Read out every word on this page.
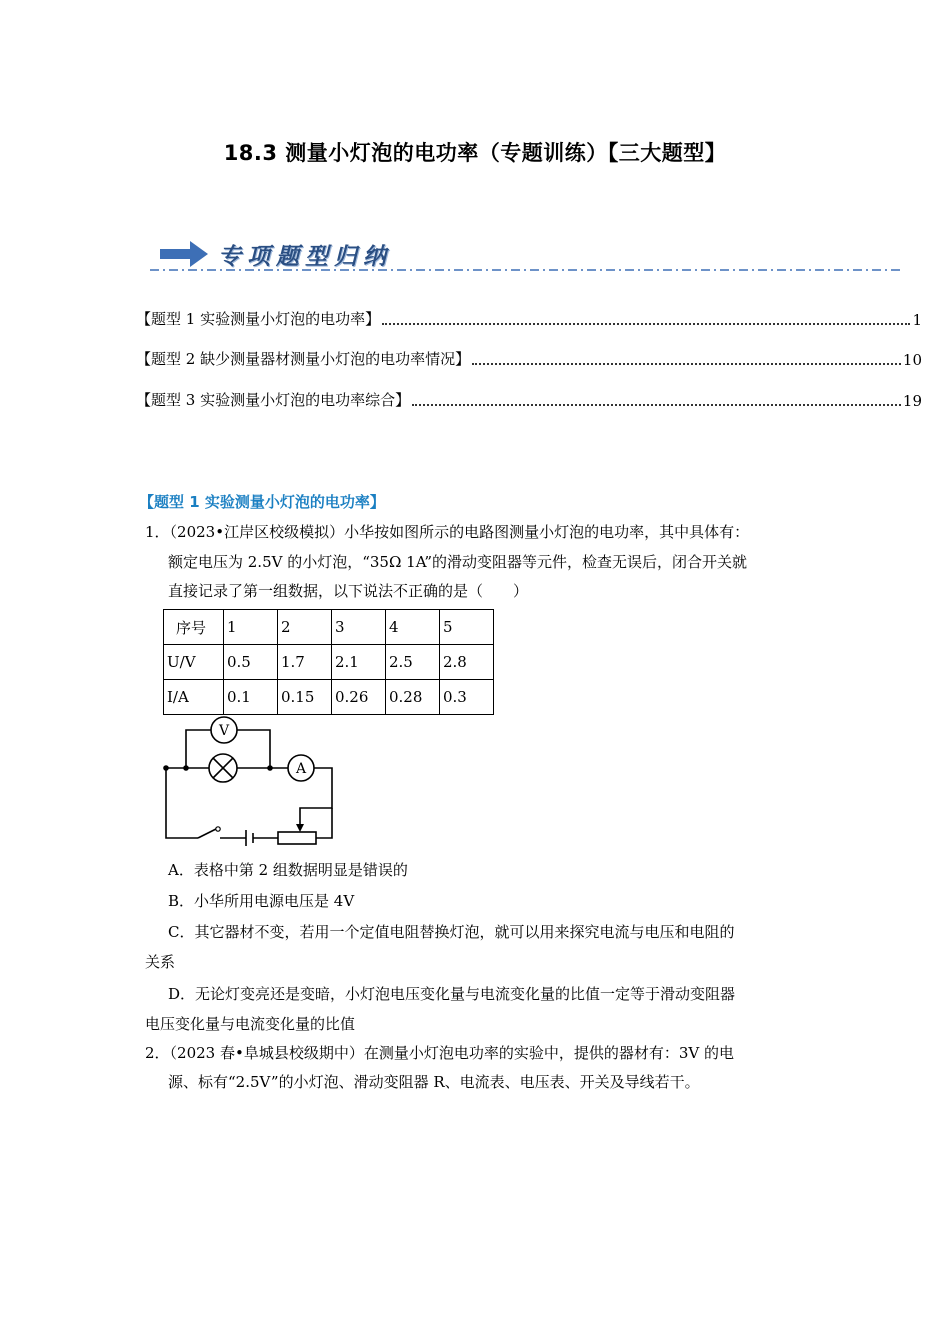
18.3 测量小灯泡的电功率（专题训练）【三大题型】
专项题型归纳
【题型 1 实验测量小灯泡的电功率】	1
【题型 2 缺少测量器材测量小灯泡的电功率情况】	10
【题型 3 实验测量小灯泡的电功率综合】	19
【题型 1 实验测量小灯泡的电功率】
1．（2023•江岸区校级模拟）小华按如图所示的电路图测量小灯泡的电功率，其中具体有：
额定电压为 2.5V 的小灯泡，“35Ω 1A”的滑动变阻器等元件，检查无误后，闭合开关就
直接记录了第一组数据，以下说法不正确的是（　　）
序号	1	2	3	4	5
U/V	0.5	1.7	2.1	2.5	2.8
I/A	0.1	0.15	0.26	0.28	0.3
V
A
A．表格中第 2 组数据明显是错误的
B．小华所用电源电压是 4V
C．其它器材不变，若用一个定值电阻替换灯泡，就可以用来探究电流与电压和电阻的
关系
D．无论灯变亮还是变暗，小灯泡电压变化量与电流变化量的比值一定等于滑动变阻器
电压变化量与电流变化量的比值
2．（2023 春•阜城县校级期中）在测量小灯泡电功率的实验中，提供的器材有：3V 的电
源、标有“2.5V”的小灯泡、滑动变阻器 R、电流表、电压表、开关及导线若干。
